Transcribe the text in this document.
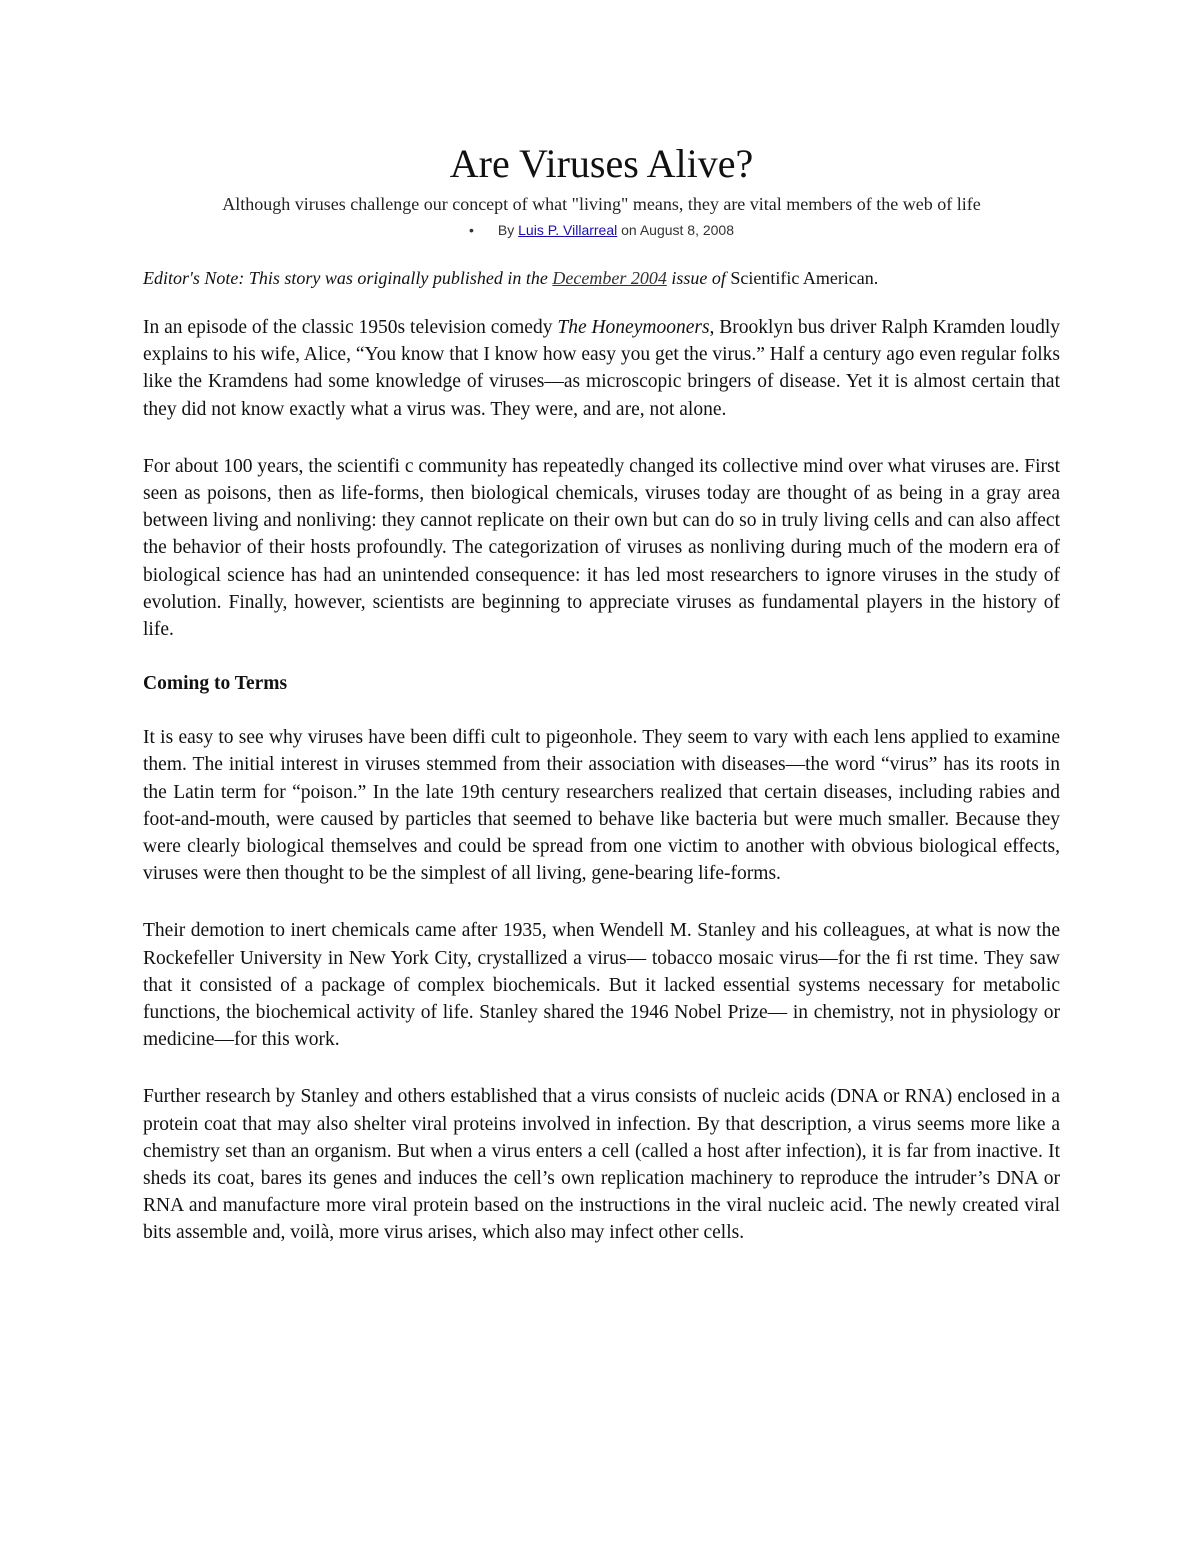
Are Viruses Alive?
Although viruses challenge our concept of what "living" means, they are vital members of the web of life
• By Luis P. Villarreal on August 8, 2008
Editor's Note: This story was originally published in the December 2004 issue of Scientific American.

In an episode of the classic 1950s television comedy The Honeymooners, Brooklyn bus driver Ralph Kramden loudly explains to his wife, Alice, “You know that I know how easy you get the virus.” Half a century ago even regular folks like the Kramdens had some knowledge of viruses—as microscopic bringers of disease. Yet it is almost certain that they did not know exactly what a virus was. They were, and are, not alone.

For about 100 years, the scientifi c community has repeatedly changed its collective mind over what viruses are. First seen as poisons, then as life-forms, then biological chemicals, viruses today are thought of as being in a gray area between living and nonliving: they cannot replicate on their own but can do so in truly living cells and can also affect the behavior of their hosts profoundly. The categorization of viruses as nonliving during much of the modern era of biological science has had an unintended consequence: it has led most researchers to ignore viruses in the study of evolution. Finally, however, scientists are beginning to appreciate viruses as fundamental players in the history of life.

Coming to Terms

It is easy to see why viruses have been diffi cult to pigeonhole. They seem to vary with each lens applied to examine them. The initial interest in viruses stemmed from their association with diseases—the word “virus” has its roots in the Latin term for “poison.” In the late 19th century researchers realized that certain diseases, including rabies and foot-and-mouth, were caused by particles that seemed to behave like bacteria but were much smaller. Because they were clearly biological themselves and could be spread from one victim to another with obvious biological effects, viruses were then thought to be the simplest of all living, gene-bearing life-forms.

Their demotion to inert chemicals came after 1935, when Wendell M. Stanley and his colleagues, at what is now the Rockefeller University in New York City, crystallized a virus— tobacco mosaic virus—for the fi rst time. They saw that it consisted of a package of complex biochemicals. But it lacked essential systems necessary for metabolic functions, the biochemical activity of life. Stanley shared the 1946 Nobel Prize— in chemistry, not in physiology or medicine—for this work.

Further research by Stanley and others established that a virus consists of nucleic acids (DNA or RNA) enclosed in a protein coat that may also shelter viral proteins involved in infection. By that description, a virus seems more like a chemistry set than an organism. But when a virus enters a cell (called a host after infection), it is far from inactive. It sheds its coat, bares its genes and induces the cell’s own replication machinery to reproduce the intruder’s DNA or RNA and manufacture more viral protein based on the instructions in the viral nucleic acid. The newly created viral bits assemble and, voilà, more virus arises, which also may infect other cells.
